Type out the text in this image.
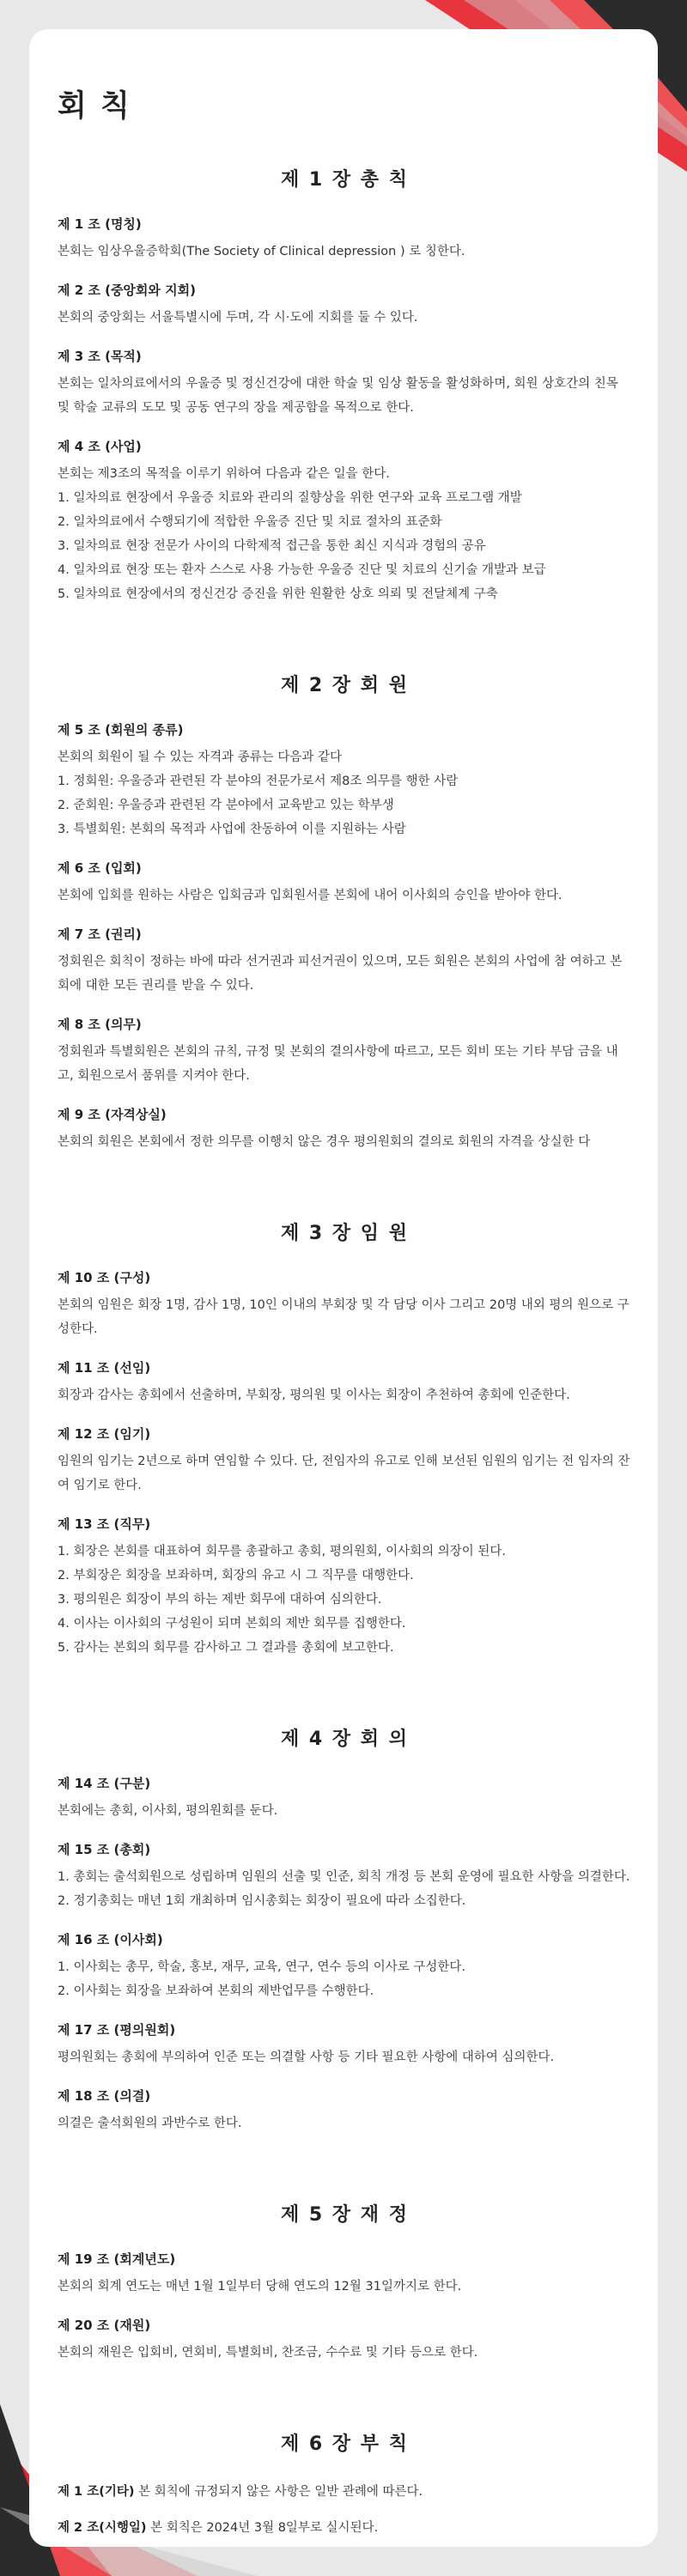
회 칙
제 1 장 총 칙
제 1 조 (명칭)

본회는 임상우울증학회(The Society of Clinical depression ) 로 칭한다.

제 2 조 (중앙회와 지회)

본회의 중앙회는 서울특별시에 두며, 각 시·도에 지회를 둘 수 있다.

제 3 조 (목적)

본회는 일차의료에서의 우울증 및 정신건강에 대한 학술 및 임상 활동을 활성화하며, 회원 상호간의 친목 및 학술 교류의 도모 및 공동 연구의 장을 제공함을 목적으로 한다.

제 4 조 (사업)

본회는 제3조의 목적을 이루기 위하여 다음과 같은 일을 한다.

1. 일차의료 현장에서 우울증 치료와 관리의 질향상을 위한 연구와 교육 프로그램 개발
2. 일차의료에서 수행되기에 적합한 우울증 진단 및 치료 절차의 표준화
3. 일차의료 현장 전문가 사이의 다학제적 접근을 통한 최신 지식과 경험의 공유
4. 일차의료 현장 또는 환자 스스로 사용 가능한 우울증 진단 및 치료의 신기술 개발과 보급
5. 일차의료 현장에서의 정신건강 증진을 위한 원활한 상호 의뢰 및 전달체계 구축
제 2 장 회 원
제 5 조 (회원의 종류)

본회의 회원이 될 수 있는 자격과 종류는 다음과 같다

1. 정회원: 우울증과 관련된 각 분야의 전문가로서 제8조 의무를 행한 사람
2. 준회원: 우울증과 관련된 각 분야에서 교육받고 있는 학부생
3. 특별회원: 본회의 목적과 사업에 찬동하여 이를 지원하는 사람
제 6 조 (입회)

본회에 입회를 원하는 사람은 입회금과 입회원서를 본회에 내어 이사회의 승인을 받아야 한다.

제 7 조 (권리)

정회원은 회칙이 정하는 바에 따라 선거권과 피선거권이 있으며, 모든 회원은 본회의 사업에 참 여하고 본 회에 대한 모든 권리를 받을 수 있다.

제 8 조 (의무)

정회원과 특별회원은 본회의 규칙, 규정 및 본회의 결의사항에 따르고, 모든 회비 또는 기타 부담 금을 내고, 회원으로서 품위를 지켜야 한다.

제 9 조 (자격상실)

본회의 회원은 본회에서 정한 의무를 이행치 않은 경우 평의원회의 결의로 회원의 자격을 상실한 다

제 3 장 임 원
제 10 조 (구성)

본회의 임원은 회장 1명, 감사 1명, 10인 이내의 부회장 및 각 담당 이사 그리고 20명 내외 평의 원으로 구성한다.

제 11 조 (선임)

회장과 감사는 총회에서 선출하며, 부회장, 평의원 및 이사는 회장이 추천하여 총회에 인준한다.

제 12 조 (임기)

임원의 임기는 2년으로 하며 연임할 수 있다. 단, 전임자의 유고로 인해 보선된 임원의 임기는 전 임자의 잔여 임기로 한다.

제 13 조 (직무)
1. 회장은 본회를 대표하여 회무를 총괄하고 총회, 평의원회, 이사회의 의장이 된다.
2. 부회장은 회장을 보좌하며, 회장의 유고 시 그 직무를 대행한다.
3. 평의원은 회장이 부의 하는 제반 회무에 대하여 심의한다.
4. 이사는 이사회의 구성원이 되며 본회의 제반 회무를 집행한다.
5. 감사는 본회의 회무를 감사하고 그 결과를 총회에 보고한다.
제 4 장 회 의
제 14 조 (구분)

본회에는 총회, 이사회, 평의원회를 둔다.

제 15 조 (총회)
1. 총회는 출석회원으로 성립하며 임원의 선출 및 인준, 회칙 개정 등 본회 운영에 필요한 사항을 의결한다.
2. 정기총회는 매년 1회 개최하며 임시총회는 회장이 필요에 따라 소집한다.
제 16 조 (이사회)
1. 이사회는 총무, 학술, 홍보, 재무, 교육, 연구, 연수 등의 이사로 구성한다.
2. 이사회는 회장을 보좌하여 본회의 제반업무를 수행한다.
제 17 조 (평의원회)

평의원회는 총회에 부의하여 인준 또는 의결할 사항 등 기타 필요한 사항에 대하여 심의한다.

제 18 조 (의결)

의결은 출석회원의 과반수로 한다.

제 5 장 재 정
제 19 조 (회계년도)

본회의 회계 연도는 매년 1월 1일부터 당해 연도의 12월 31일까지로 한다.

제 20 조 (재원)

본회의 재원은 입회비, 연회비, 특별회비, 찬조금, 수수료 및 기타 등으로 한다.

제 6 장 부 칙

제 1 조(기타) 본 회칙에 규정되지 않은 사항은 일반 관례에 따른다.

제 2 조(시행일) 본 회칙은 2024년 3월 8일부로 실시된다.
